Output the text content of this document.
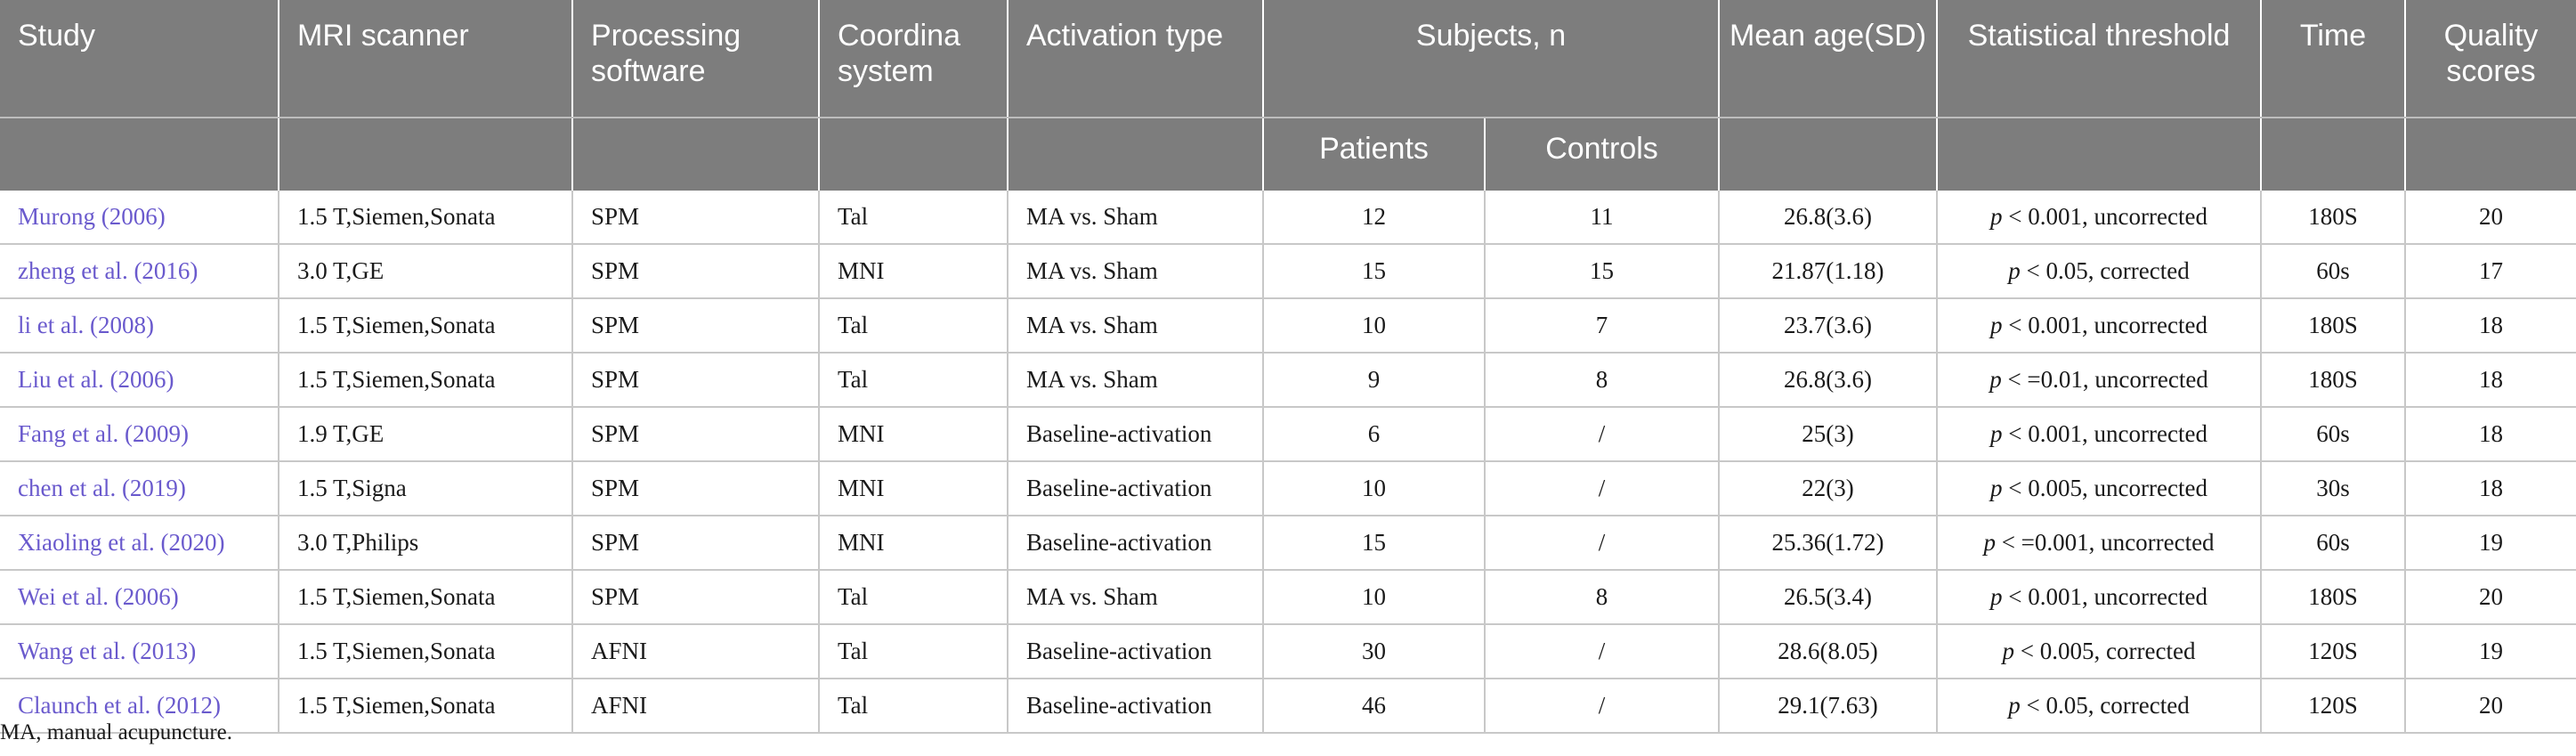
Study	MRI scanner	Processing software	Coordina system	Activation type	Subjects, n		Mean age(SD)	Statistical threshold	Time	Quality scores
					Patients	Controls				
Murong (2006)	1.5 T,Siemen,Sonata	SPM	Tal	MA vs. Sham	12	11	26.8(3.6)	p < 0.001, uncorrected	180S	20
zheng et al. (2016)	3.0 T,GE	SPM	MNI	MA vs. Sham	15	15	21.87(1.18)	p < 0.05, corrected	60s	17
li et al. (2008)	1.5 T,Siemen,Sonata	SPM	Tal	MA vs. Sham	10	7	23.7(3.6)	p < 0.001, uncorrected	180S	18
Liu et al. (2006)	1.5 T,Siemen,Sonata	SPM	Tal	MA vs. Sham	9	8	26.8(3.6)	p < =0.01, uncorrected	180S	18
Fang et al. (2009)	1.9 T,GE	SPM	MNI	Baseline-activation	6	/	25(3)	p < 0.001, uncorrected	60s	18
chen et al. (2019)	1.5 T,Signa	SPM	MNI	Baseline-activation	10	/	22(3)	p < 0.005, uncorrected	30s	18
Xiaoling et al. (2020)	3.0 T,Philips	SPM	MNI	Baseline-activation	15	/	25.36(1.72)	p < =0.001, uncorrected	60s	19
Wei et al. (2006)	1.5 T,Siemen,Sonata	SPM	Tal	MA vs. Sham	10	8	26.5(3.4)	p < 0.001, uncorrected	180S	20
Wang et al. (2013)	1.5 T,Siemen,Sonata	AFNI	Tal	Baseline-activation	30	/	28.6(8.05)	p < 0.005, corrected	120S	19
Claunch et al. (2012)	1.5 T,Siemen,Sonata	AFNI	Tal	Baseline-activation	46	/	29.1(7.63)	p < 0.05, corrected	120S	20
MA, manual acupuncture.
